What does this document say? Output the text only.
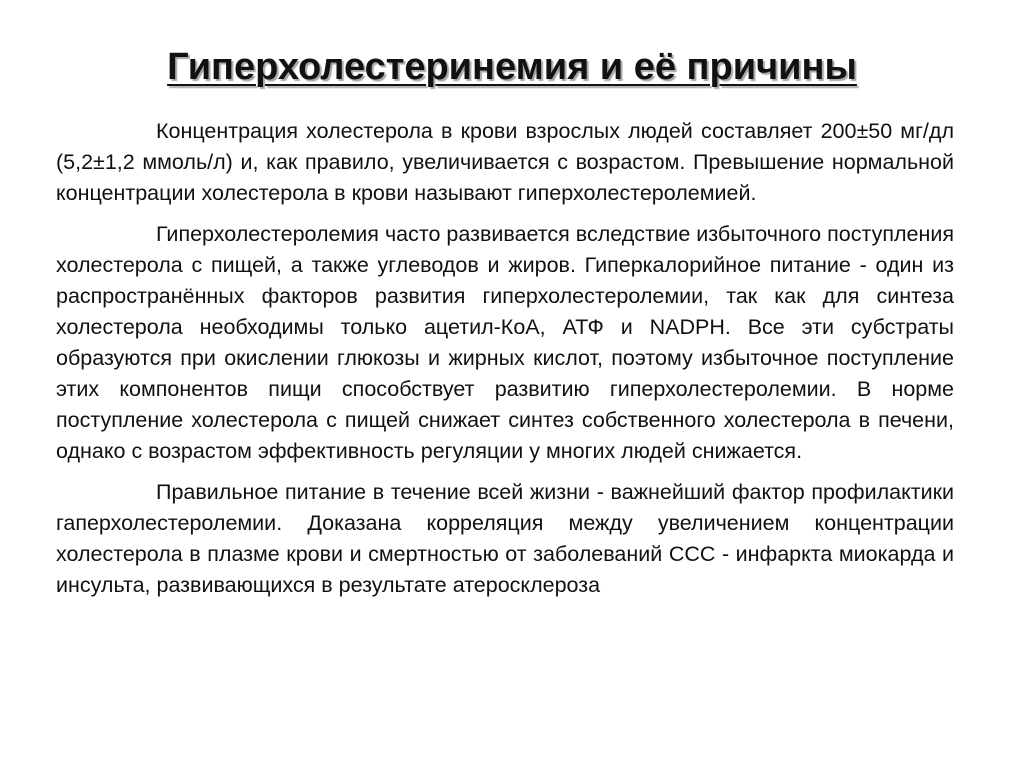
Гиперхолестеринемия и её причины

Концентрация холестерола в крови взрослых людей составляет 200±50 мг/дл (5,2±1,2 ммоль/л) и, как правило, увеличивается с возрастом. Превышение нормальной концентрации холестерола в крови называют гиперхолестеролемией.

Гиперхолестеролемия часто развивается вследствие избыточного поступления холестерола с пищей, а также углеводов и жиров. Гиперкалорийное питание - один из распространённых факторов развития гиперхолестеролемии, так как для синтеза холестерола необходимы только ацетил-КоА, АТФ и NADPH. Все эти субстраты образуются при окислении глюкозы и жирных кислот, поэтому избыточное поступление этих компонентов пищи способствует развитию гиперхолестеролемии. В норме поступление холестерола с пищей снижает синтез собственного холестерола в печени, однако с возрастом эффективность регуляции у многих людей снижается.

Правильное питание в течение всей жизни - важнейший фактор профилактики гаперхолестеролемии. Доказана корреляция между увеличением концентрации холестерола в плазме крови и смертностью от заболеваний ССС - инфаркта миокарда и инсульта, развивающихся в результате атеросклероза
